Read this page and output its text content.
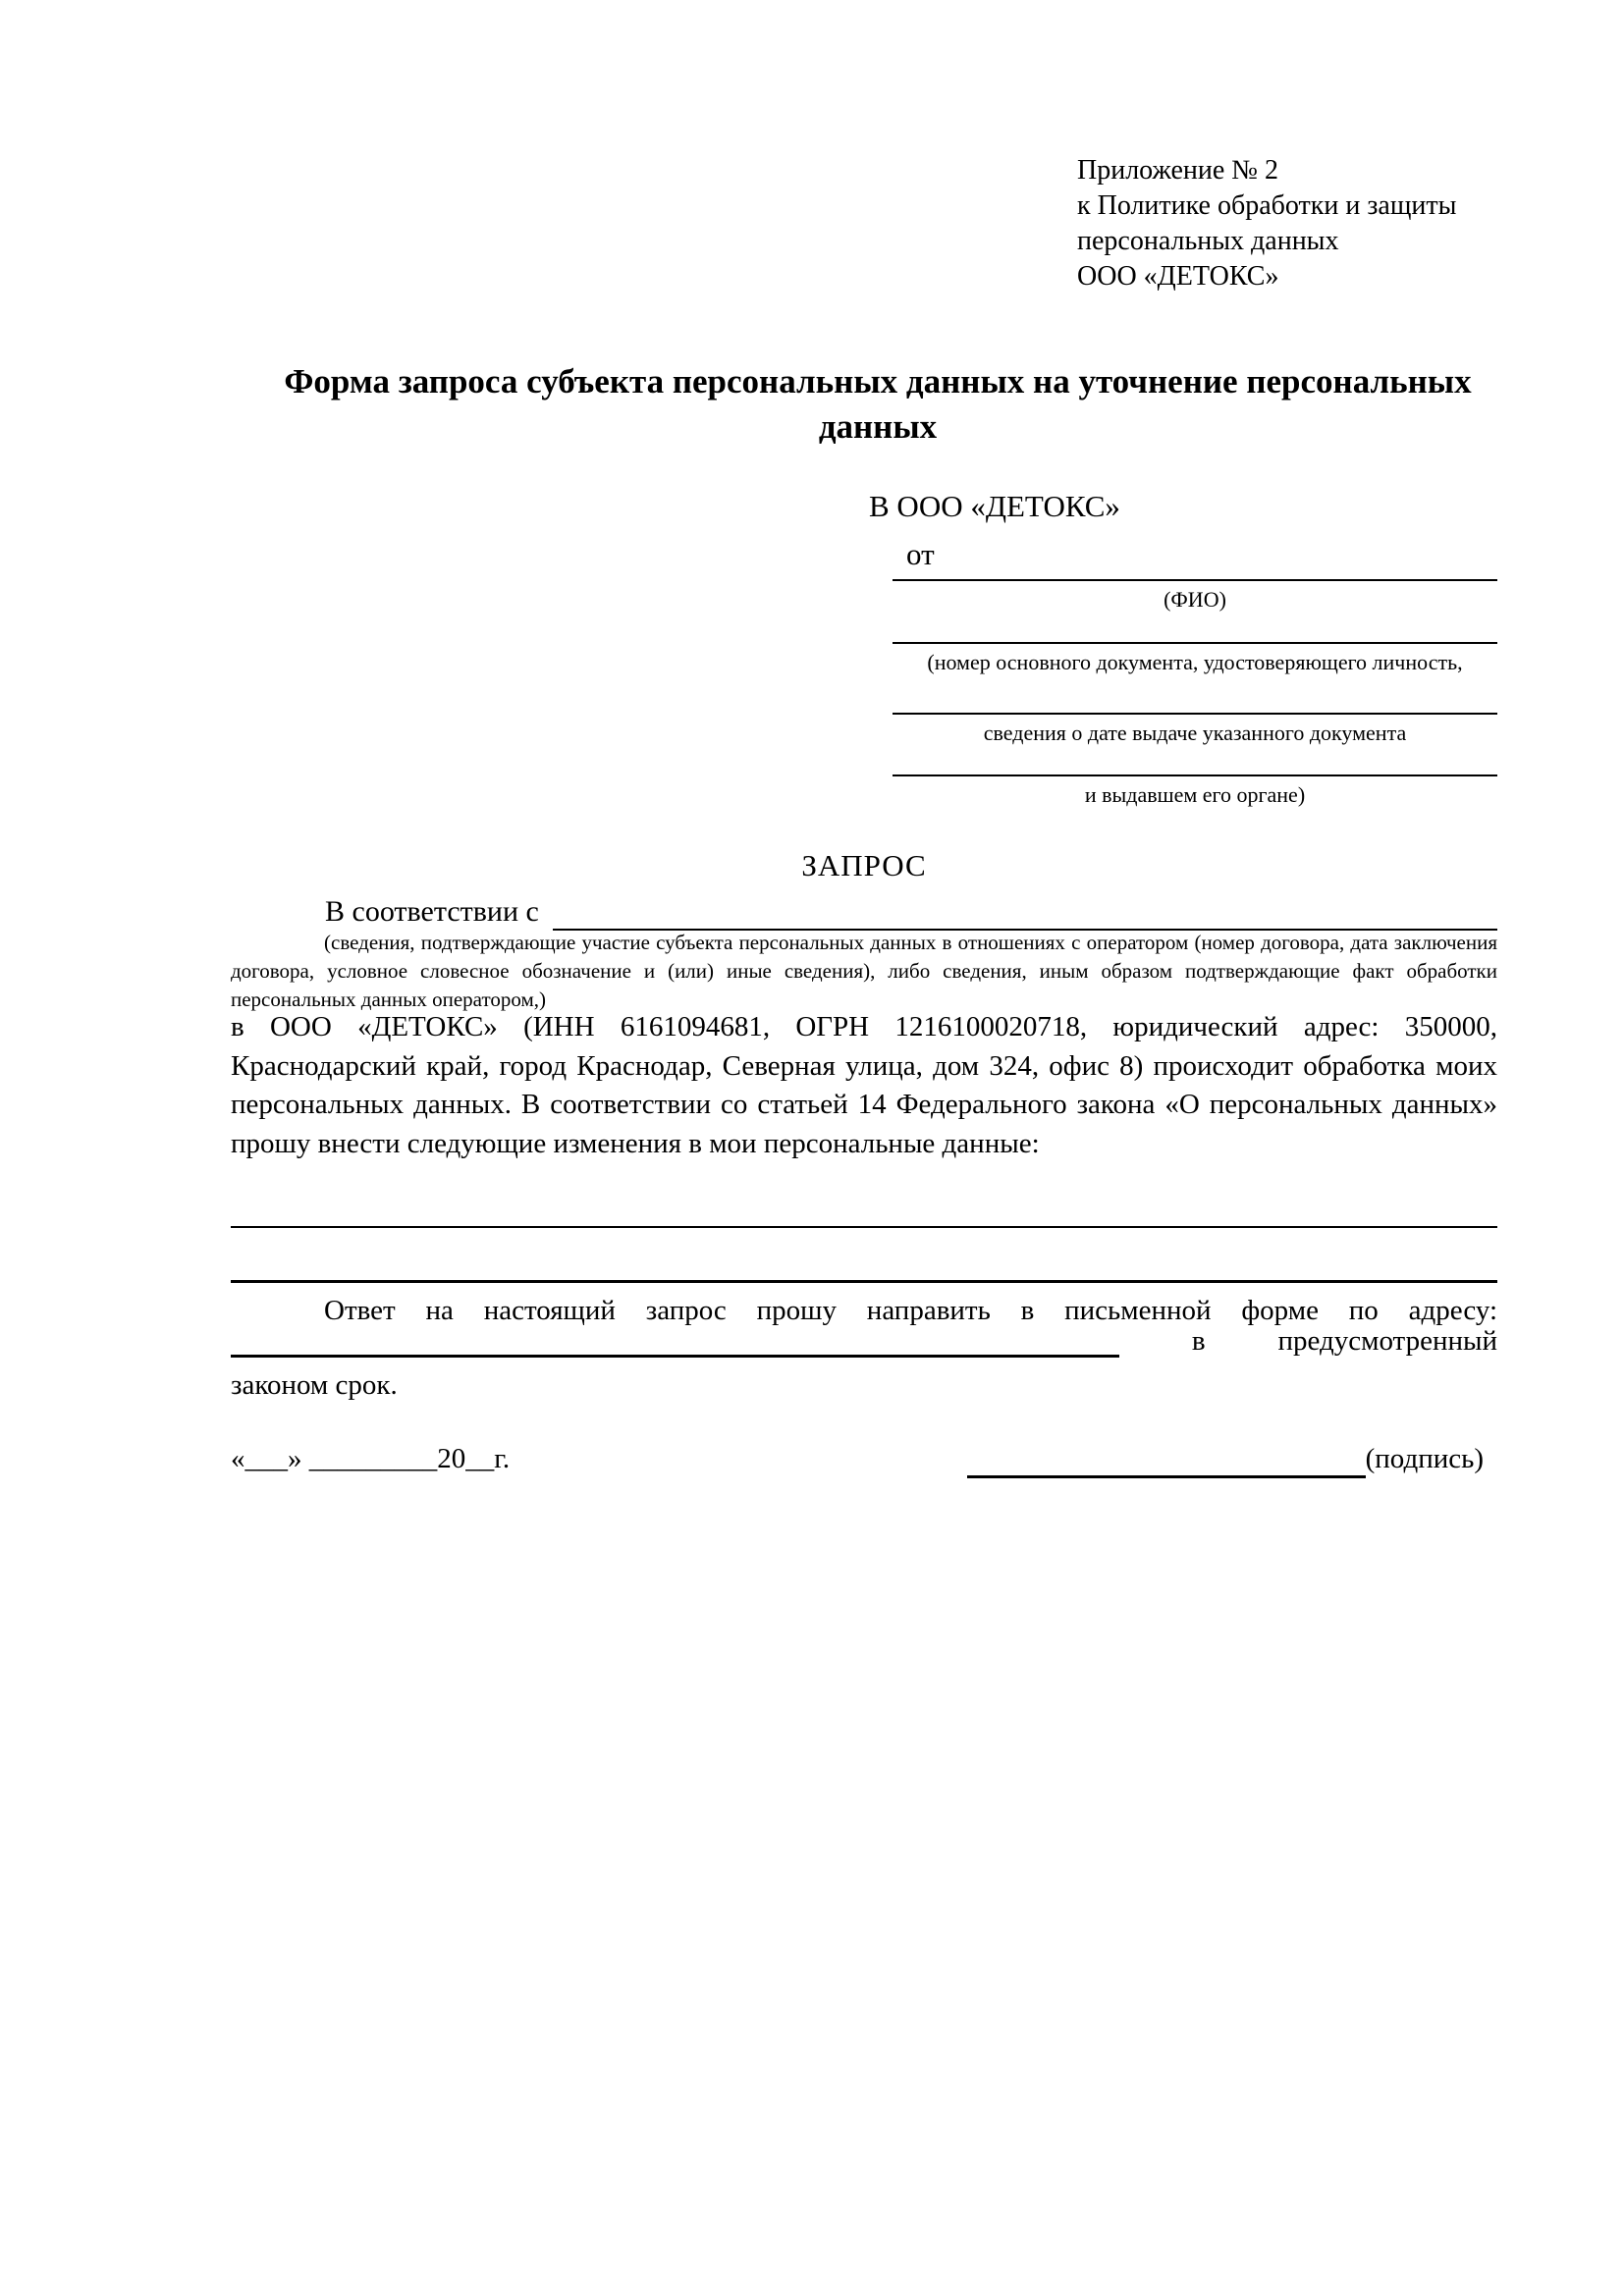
Приложение № 2
к Политике обработки и защиты
персональных данных
ООО «ДЕТОКС»
Форма запроса субъекта персональных данных на уточнение персональных данных
В ООО «ДЕТОКС»
от
(ФИО)
(номер основного документа, удостоверяющего личность,
сведения о дате выдаче указанного документа
и выдавшем его органе)
ЗАПРОС
В соответствии с
(сведения, подтверждающие участие субъекта персональных данных в отношениях с оператором (номер договора, дата заключения договора, условное словесное обозначение и (или) иные сведения), либо сведения, иным образом подтверждающие факт обработки персональных данных оператором,)
в ООО «ДЕТОКС» (ИНН 6161094681, ОГРН 1216100020718, юридический адрес: 350000, Краснодарский край, город Краснодар, Северная улица, дом 324, офис 8) происходит обработка моих персональных данных. В соответствии со статьей 14 Федерального закона «О персональных данных» прошу внести следующие изменения в мои персональные данные:
Ответ на настоящий запрос прошу направить в письменной форме по адресу:
в	предусмотренный
законом срок.
«___» _________20__г.	(подпись)
